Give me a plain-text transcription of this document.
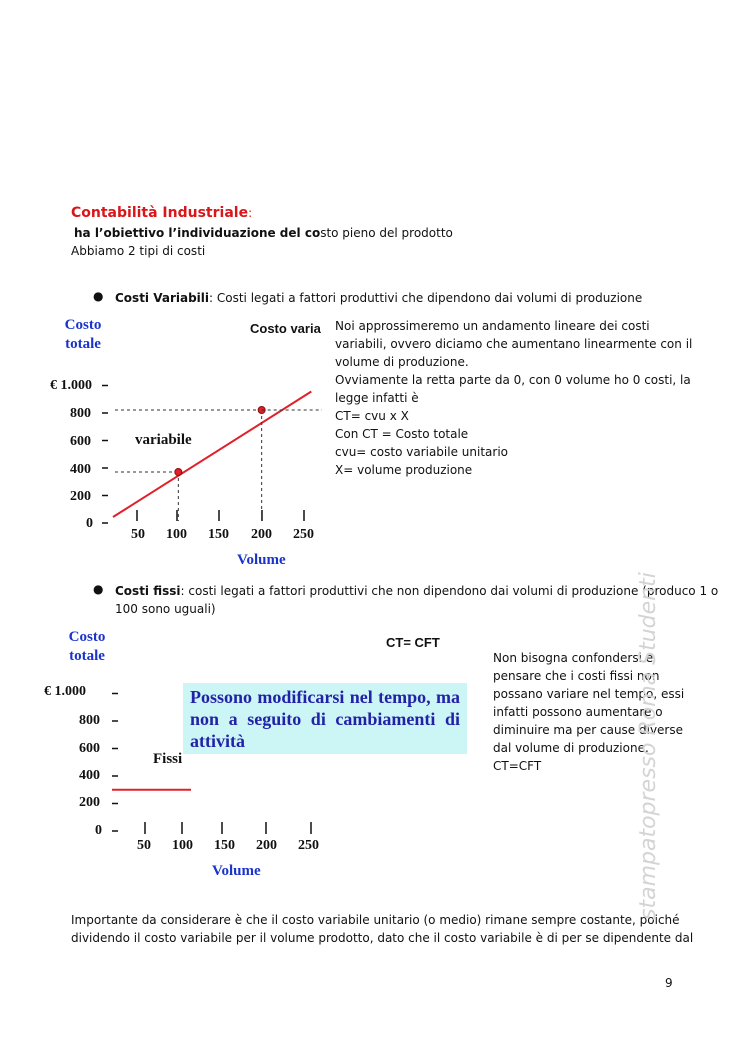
Contabilità Industriale:
ha l’obiettivo l’individuazione del costo pieno del prodotto
Abbiamo 2 tipi di costi
● Costi Variabili: Costi legati a fattori produttivi che dipendono dai volumi di produzione
Costo totale
Costo varia
€ 1.000
800
600
400
200
0
variabile
50 100 150 200 250
Volume
Noi approssimeremo un andamento lineare dei costi
variabili, ovvero diciamo che aumentano linearmente con il
volume di produzione.
Ovviamente la retta parte da 0, con 0 volume ho 0 costi, la
legge infatti è
CT= cvu x X
Con CT = Costo totale
cvu= costo variabile unitario
X= volume produzione
● Costi fissi: costi legati a fattori produttivi che non dipendono dai volumi di produzione (produco 1 o
100 sono uguali)
Costo totale
CT= CFT
€ 1.000
800
600
400
200
0
Fissi
50 100 150 200 250
Volume
Possono modificarsi nel tempo, ma non a seguito di cambiamenti di attività
Non bisogna confondersi e
pensare che i costi fissi non
possano variare nel tempo, essi
infatti possono aumentare o
diminuire ma per cause diverse
dal volume di produzione.
CT=CFT
Importante da considerare è che il costo variabile unitario (o medio) rimane sempre costante, poiché
dividendo il costo variabile per il volume prodotto, dato che il costo variabile è di per se dipendente dal
9
stampatopresso Roma Studenti
